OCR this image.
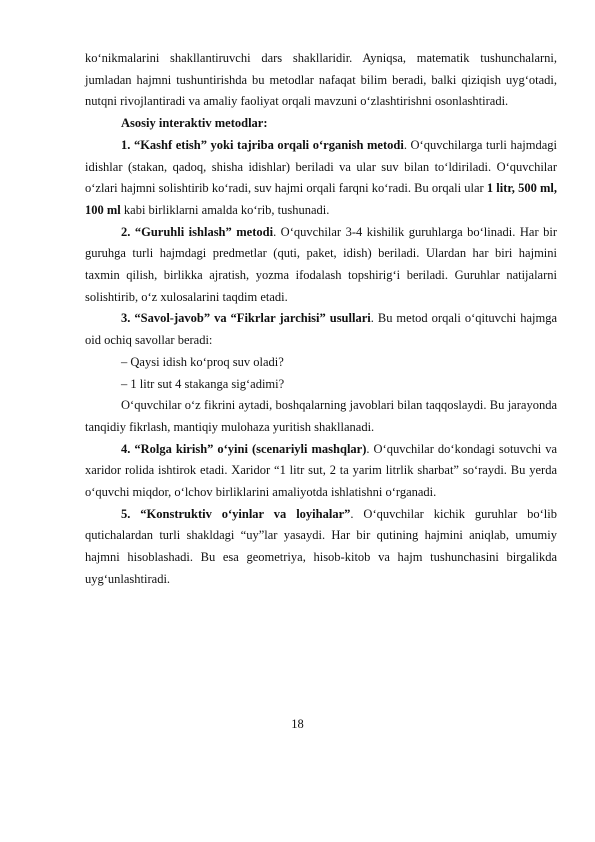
ko‘nikmalarini shakllantiruvchi dars shakllaridir. Ayniqsa, matematik tushunchalarni, jumladan hajmni tushuntirishda bu metodlar nafaqat bilim beradi, balki qiziqish uyg‘otadi, nutqni rivojlantiradi va amaliy faoliyat orqali mavzuni o‘zlashtirishni osonlashtiradi.

Asosiy interaktiv metodlar:

1. “Kashf etish” yoki tajriba orqali o‘rganish metodi. O‘quvchilarga turli hajmdagi idishlar (stakan, qadoq, shisha idishlar) beriladi va ular suv bilan to‘ldiriladi. O‘quvchilar o‘zlari hajmni solishtirib ko‘radi, suv hajmi orqali farqni ko‘radi. Bu orqali ular 1 litr, 500 ml, 100 ml kabi birliklarni amalda ko‘rib, tushunadi.

2. “Guruhli ishlash” metodi. O‘quvchilar 3-4 kishilik guruhlarga bo‘linadi. Har bir guruhga turli hajmdagi predmetlar (quti, paket, idish) beriladi. Ulardan har biri hajmini taxmin qilish, birlikka ajratish, yozma ifodalash topshirig‘i beriladi. Guruhlar natijalarni solishtirib, o‘z xulosalarini taqdim etadi.

3. “Savol-javob” va “Fikrlar jarchisi” usullari. Bu metod orqali o‘qituvchi hajmga oid ochiq savollar beradi:

– Qaysi idish ko‘proq suv oladi?

– 1 litr sut 4 stakanga sig‘adimi?

O‘quvchilar o‘z fikrini aytadi, boshqalarning javoblari bilan taqqoslaydi. Bu jarayonda tanqidiy fikrlash, mantiqiy mulohaza yuritish shakllanadi.

4. “Rolga kirish” o‘yini (scenariyli mashqlar). O‘quvchilar do‘kondagi sotuvchi va xaridor rolida ishtirok etadi. Xaridor “1 litr sut, 2 ta yarim litrlik sharbat” so‘raydi. Bu yerda o‘quvchi miqdor, o‘lchov birliklarini amaliyotda ishlatishni o‘rganadi.

5. “Konstruktiv o‘yinlar va loyihalar”. O‘quvchilar kichik guruhlar bo‘lib qutichalardan turli shakldagi “uy”lar yasaydi. Har bir qutining hajmini aniqlab, umumiy hajmni hisoblashadi. Bu esa geometriya, hisob-kitob va hajm tushunchasini birgalikda uyg‘unlashtiradi.

18
